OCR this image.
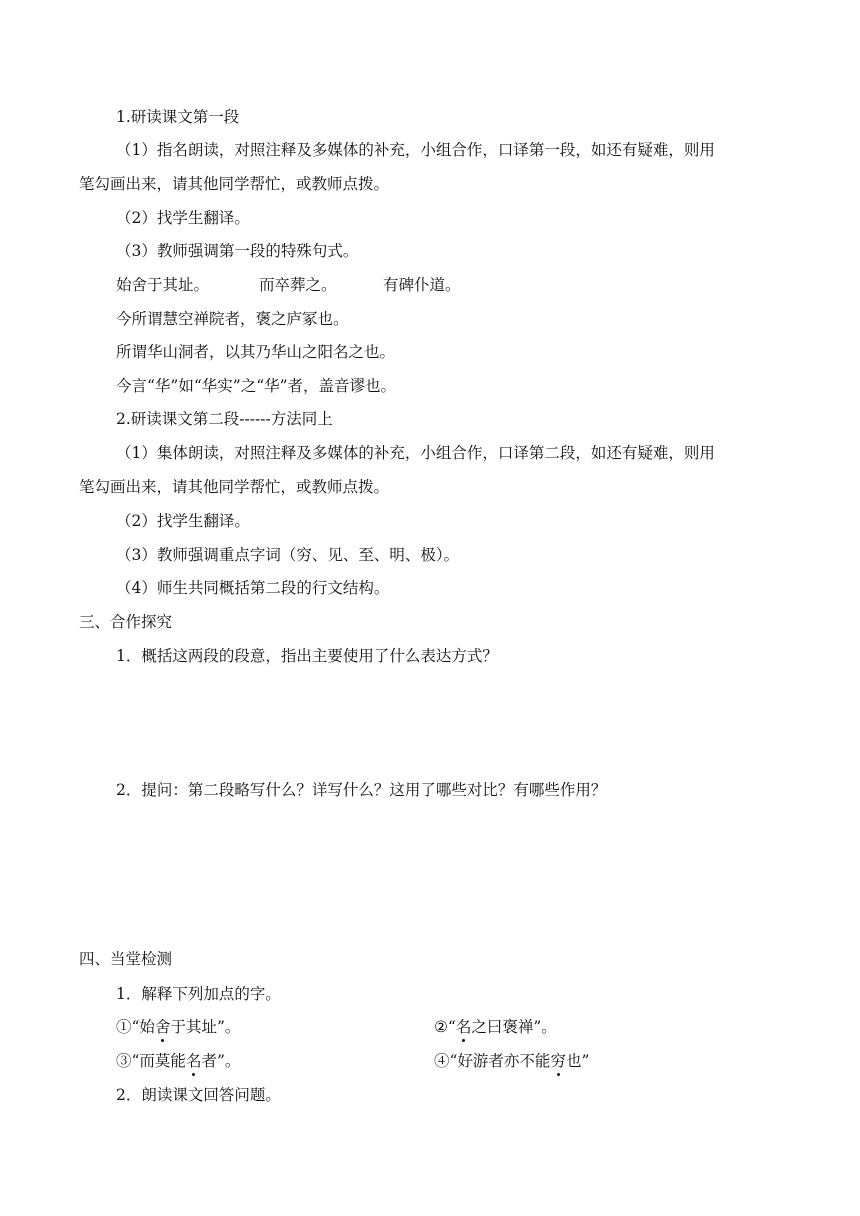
1.研读课文第一段
（1）指名朗读，对照注释及多媒体的补充，小组合作，口译第一段，如还有疑难，则用
笔勾画出来，请其他同学帮忙，或教师点拨。
（2）找学生翻译。
（3）教师强调第一段的特殊句式。
始舍于其址。	而卒葬之。	有碑仆道。
今所谓慧空禅院者，褒之庐冢也。
所谓华山洞者，以其乃华山之阳名之也。
今言“华”如“华实”之“华”者，盖音谬也。
2.研读课文第二段------方法同上
（1）集体朗读，对照注释及多媒体的补充，小组合作，口译第二段，如还有疑难，则用
笔勾画出来，请其他同学帮忙，或教师点拨。
（2）找学生翻译。
（3）教师强调重点字词（穷、见、至、明、极）。
（4）师生共同概括第二段的行文结构。
三、合作探究
1．概括这两段的段意，指出主要使用了什么表达方式？
2．提问：第二段略写什么？详写什么？这用了哪些对比？有哪些作用？
四、当堂检测
1．解释下列加点的字。
①“始舍于其址”。	②“名之曰褒禅”。
③“而莫能名者”。	④“好游者亦不能穷也”
2．朗读课文回答问题。
